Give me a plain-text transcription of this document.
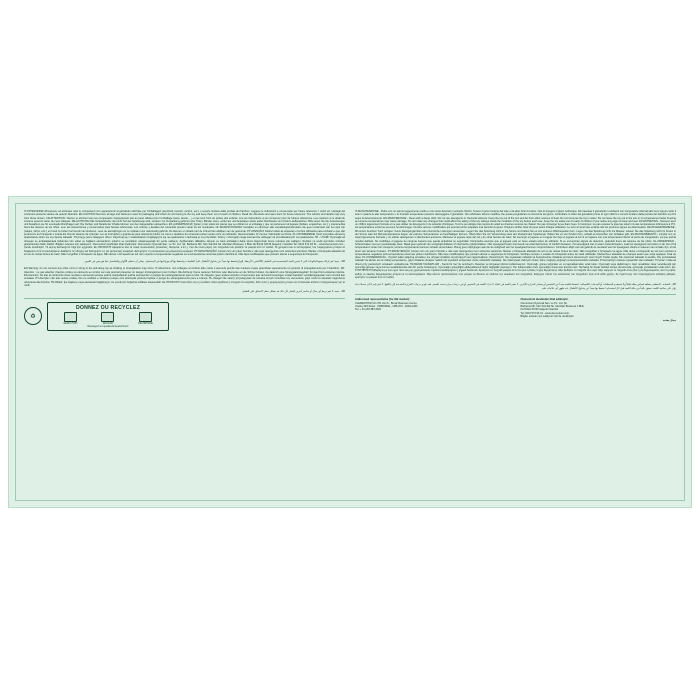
IT-ATTENZIONE! Rimuovere ed eliminare tutte le componenti non appartenenti al giocattolo utilizzate per l'imballaggio (sacchetti, laccetti, cartoni, ecc.) e tenerle lontane dalla portata dei bambini. Leggere le indicazioni e conservarle per futura referenza. I colori ed i dettagli del contenuto possono variare da quanto illustrato. EN-CAUTION! Remove all tags and fasteners used for packaging and which do not belong to the toy and keep them out of reach of children. Read the directions and save them for future reference. The colours and details may vary from those shown. FR-ATTENTION ! Retirer et éliminer tous les composants n'appartenant pas au jouet utilisés pour l'emballage (sacs, lacets, ...) et les tenir hors de portée des enfants. Lire les instructions et les conserver pour de futures références. Les couleurs et le détail du contenu peuvent varier de ceux indiqués. DE-ACHTUNG! Alle Verkaufshefte, die nicht Teil des Spielzeugs sind, sondern zur Verpackung gehören (wie Tüten, Bänder usw.), entfernen und beseitigen sowie außer Reichweite von Kindern aufbewahren. Bitte lesen Sie die Anweisungen und bewahren sie für eventuelle Rückfragen auf. Die Farben und Details der Inhalte können von den dargestellten abweichen. ES-¡ADVERTENCIA! Quitar y tirar todos los piezas que se utilizan en el embalaje y que no pertenecen al juguete (bolsas, enganches, etc.) y mantenerlas fuera del alcance de los niños. Leer las instrucciones y conservarlas para futuras referencias. Los colores y detalles del contenido pueden variar de los mostrados. NL-WAARSCHUWING! Verwijder en elimineer alle verpakkingsonderdelen die geen onderdeel van het spel zijn (zakjes, strips, enz.) en houd ze buiten het bereik van kinderen. Lees de aanwijzingen en ze opslaan voor toekomstig gebruik. De kleuren en details van de inhoud kan afwijken van de getoonde. PT-ATENÇÃO! Retirar todas as etiquetas e fechos utilizados para embalar e que não pertencem ao brinquedo e mantê-los fora do alcance da crianças. Ler as instruções e guarde-as para referência futura. As cores e detalhes do conteúdo podem variar entre os indicados. Recomendado: Fr-menus. Fabricado na China. PL-OSTRZEŻENIE! Usuń wszystkie elementy opakowania, które nie są częścią zabawki. Trzymaj je poza zasięgiem dzieci. Zapoznaj się z wskazówkami znajdującymi się na opakowaniu i zachowaj je na przyszłość. Kolory i szczegóły mogą nieznacznie odbiegać od przedstawionych na opakowaniu. TR - UYARI! Oyuncağa ait olmayan ve ambalajlamada kullanılan tüm etiket ve bağlantı elemanlarını çıkartın ve çocukların ulaşamayacağı bir yerde saklayın. Açıklamaları dikkatlice okuyun ve istek ambalajını daha sonra başvurmak üzere referans için saklayın. Renkler ve içerik ayrıntıları üründen gösterilenden farklı olabilir. Bilgileri referans için saklayınız. Clementoni tarafından ithal üretilmiştir. Clementoni Oyuncak San. ve Tic. Ltd. Şti. Barbaros Mh. Mor Sümbül Sk. Meridian Business 1 Blok No:5/144 34746 Ataşehir / İstanbul Tel: 0216 574 93 31 - www.clementoni.com - Çerde üretilmiştir. Yıl açmış herhangi bir bilgi için uygundur. EL-ΠΡΟΣΟΧΗ! Αφαιρέστε όλα τα υλικά συσκευασίας (σακούλες, δεσίματα, κ.λπ.), που δεν είναι μέρος του παιχνιδιού και φυλάξτε τα μακριά από τα παιδιά. Τα χρώματα και οι λεπτομέρειες του περιεχομένου μπορεί να διαφέρουν από τα εικονιζόμενα. Διαβάστε τις οδηγίες και διατηρήστε τις για μελλοντική αναφορά. Διατηρήστε τη συσκευασία για μελλοντική αναφορά. PT-MANUTENÇÃO! Limpar com um pano húmido e não usar detergentes nem solventes químicos. Manter o brinquedo afastado do sol ou de outras fontes de calor. Não mergulhar o brinquedo na água. Não deixar o brinquedo ao sol nem exposto à temperaturas negativas ou a temperaturas extremas podem danificá-lo. Não faça modificações que possam alterar a segurança do brinquedo.
AR - تنبيه! قم بإزالة جميع المكونات التي لا تنتمي للعبة المستخدمة في التغليف (الأكياس، الأربطة، إلخ) واحتفظ بها بعيداً عن متناول الأطفال. اقرأ التعليمات واحتفظ بها للرجوع إليها في المستقبل. يمكن أن تختلف الألوان والتفاصيل عما هو مبين في الصور.
EN Warning: do not connect any other cord or string to the pull-along toy as choking or strangulation may occur. IT-Attenzione: non collegare al cordino altre corde o elementi perché tale maniera creare potenziale superamento un pericolo di strangolamento per il bambino. FR-Attention : ne pas attacher d'autres cordes ou éléments au cordon car cela pourrait présenter un danger d'étranglement pour l'enfant. DE-Achtung: Keine weiteren Schnüre oder Elemente an die Schnur binden, da dadurch eine Strangulationsgefahr für das Kind entstehen könnte. ES-Atención: No atar al cordoncito otras cuerdas o elementos porque podría manipulación podría representar un peligro de estrangulamiento para el niño. NL-Opgelet: geen andere koorden of elementen aan de koord bevestigen omdat daardoor verstikkingsgevaar voor uw kind kan ontstaan. PT-Atenção: não atar outras cordas, fios ou cordões e similares porque otra obstrução poderia implicar o perigo de estrangulamento para a criança. PL-Uwaga! Nie należy przywiązywać do sznurka innych sznurków czy elementów, gdyż może to stanowić zagrożenie uduszenia dla dziecka. TR-Dikkat: İpe başka ip veya elemanlar bağlamayın, bu çocuk için boğulma tehlikesi oluşturabilir. EL-ΠΡΟΣΟΧΗ! Συνιστάται να μη συνδέετε άλλα κορδόνια ή στοιχεία στο κορδόνι, διότι αυτό η χειραγώγηση μπορεί να αποτελέσει κίνδυνο στραγγαλισμού για το παιδί.
AR - تنبيه: لا تقم بربط أي حبال أو عناصر أخرى بالحبل لأن ذلك قد يشكل خطر الاختناق على الطفل.
♻
DONNEZ OU RECYCLEZ
RÉDUCTION	MAGASIN	DÉCHETERIE
Réessayez sur quefairedemesdechets.fr
IT-MANUTENZIONE - Pulire con un panno leggermente umido e non usare detersivi o solventi chimici. Tenere il gioco lontano dal sole o da altre fonti di calore. Non immergere il gioco nell'acqua. Non lasciare il giocattolo in ambienti con temperature infernali alto zero oppure sotto il sole in quanto le alte temperature e le bruciare temperature possono danneggiare il giocattolo. Non effettuare alcuna modifica che possa pregiudicare la sicurezza del gioco. Controllare lo stato del giocattolo prima di ogni utilizzo e tenerlo lontano dalla portata dei bambini ai primi segni di deterioramento. EN-MAINTENANCE - Clean with a damp cloth. Do not use detergents or chemical solvents. Keep the toy out of the sun and far from other sources of heat. Do not immerse the toy in water. Do not leave the toy out in the sun or in temperatures below freezing as extreme temperatures may cause damage. Do not make any changes that could affect the safety of the toy. Always check the condition of the toy before each use. Keep the toy safely out of reach of children if you notice any signs of wear and tear. FR-ENTRETIEN - Nettoyer avec un chiffon légèrement humide et ne pas utiliser de détergents ni de solvants chimiques. Tenir le jeu éloigné des rayons du soleil ou d'autres sources de chaleur. Ne pas immerger le jeu dans l'eau. À l'extérieur, ne pas exposer le jouet au soleil ni à des températures inférieures à 0°C, les températures extrêmes peuvent l'endommager. Ne faire aucune modification qui pourrait porter préjudice à la sécurité du jouet. Toujours vérifier l'état du jouet avant chaque utilisation. Le tenir à l'écart des enfants dès les premiers signes de détérioration. DE-PFLEGEHINWEISE - Mit einem feuchten Tuch reinigen. Keine Reinigungsmittel oder chemische Lösungen verwenden. Legen Sie das Spielzeug nicht in die Sonne und halten Sie es von anderen Wärmequellen fern. Legen Sie das Spielzeug nicht ins Wasser. Lassen Sie das Spielzeug nicht im Freien in der Sonne oder bei Minustemperaturen liegen, da extreme Temperaturen es beschädigen können. Überprüfen Sie vor Verwendung stets den Zustand des Spielzeugs. Halten Sie es von Kindern fern, sobald es Anzeichen von Schäden gibt. ES-MANTENIMIENTO - Limpiar con un trapo ligeramente húmedo y no utilizar detergentes ni disolventes químicos. Mantener el juguete lejos del sol y de otras fuentes de calor. No sumergir el juguete en el agua. No deje el juguete al sol ni en lugares con una temperatura inferior al punto de congelación, ya que podría resultar dañado. No modifique el juguete de ninguna manera que pueda perjudicar su seguridad. Compruebe siempre que el juguete esté en buen estado antes de utilizarlo. Si se encuentran signos de deterioro, guárdelo fuera del alcance de los niños. NL-ONDERHOUD - Schoonmaken met een poetsdoekje doek. Maak geen gebruik van reinigingsmiddelen of chemische oplosmiddelen. Niet speelgoed buiten het bereik van warmtebronnen of zonlicht bewaren. Het speelgoed niet in water onderdompelen. Laat het speelgoed niet buiten in de zon of bij temperaturen onder het vriespunt; extreme temperaturen kunnen schade veroorzaken. Breng geen wijzigingen aan die de veiligheid van het speelgoed kunnen compromitteren. Controleer altijd voor elk gebruik de toestand van het speelgoed. Zodra er tekenen van schade zijn, uit de buurt van kinderen houden. PT-MANUTENÇÃO Limpar com um pano húmido e não usar detergentes nem solventes químicos. Manter o brinquedo afastado do sol ou de outras fontes de calor. Não mergulhar o brinquedo na água. Não deixe o brinquedo ao sol nem exposto à temperaturas negativas pois temperaturas extremas podem danificá-lo. Não faça modificações que possam alterar a segurança do brinquedo. Verifique sempre o estado do brinquedo antes de cada utilização. Mantenha-o afastado de crianças assim que surja qualquer sinal de dano. PL-KONSERWACJA - Czyścić lekko wilgotną szmatką i nie używać środków czyszczących ani najpoczątkiem chemicznych. Nie wystawiać zabawki na bezpośrednie działanie promieni słonecznych oraz innych źródeł ciepła. Nie zanurzać zabawki w wodzie. Nie pozostawiać zabawki na słońcu ani w niskiej temperaturze, gdyż działanie skrajnie niskich lub wysokich temperatur może uszkodzić zabawkę. Nie dokonywać żadnych zmian, które mogłyby wpłynąć na bezpieczeństwo zabawki. Przed każdym zawsze sprawdzić stan zabawki. Trzymać z dala od dzieci przy pierwszych oznakach uszkodzenia. TR-BAKIM TALİMATLARI - Nemli bir bez ile temizleyin. Deterjan ve kimyasal çözücü kullanmayınız. Oyuncağı, güneş ışığından ve ısı kaynaklarından uzak tutun. Oyuncağı suya daldırmayın. Aşırı sıcaklıklar zarar verebileceği için oyuncağı güneşe veya donma sıcaklıklarında olan bir yerde bırakmayın. Oyuncağın güvenliğini etkileyebilecek hiçbir değişiklik yapmayın. Her kullanımdan önce oyuncağın durumunu kontrol edin. Herhangi bir hasar belirtisi olması durumunda, oyuncağı çocuklardan uzak tutun. EL-ΣΥΝΤΗΡΗΣΗ Καθαρίζετε με ένα υγρό πανί και μην χρησιμοποιείτε προϊόντα καθαρισμού ή χημικά διαλυτικά. Κρατήστε το παιχνίδι μακριά από τον ήλιο ή άλλες πηγές θερμότητας. Μην βυθίζετε το παιχνίδι στο νερό. Μην αφήνετε το παιχνίδι στον ήλιο ή σε θερμοκρασίες υπό το μηδέν, καθώς οι ακραίες θερμοκρασίες μπορεί να το καταστρέψουν. Μην κάνετε τροποποιήσεις που μπορεί να θέσουν σε κίνδυνο την ασφάλεια του παιχνιδιού. Ελέγχετε πάντα την κατάσταση του παιχνιδιού πριν από κάθε χρήση. Σε περίπτωση που παρατηρήσετε ενδείξεις φθοράς, κρατήστε το μακριά από τα παιδιά.
AR - الصيانة - التنظيف بقطعة قماش مبللة قليلاً ولا تستخدم المنظفات أو المذيبات الكيميائية. احتفظ باللعبة بعيداً عن الشمس أو مصادر الحرارة الأخرى. لا تغمر اللعبة في الماء. لا تترك اللعبة في الشمس أو في درجات حرارة تحت الصفر، فقد تؤدي درجات الحرارة الشديدة إلى إتلافها. لا تقم بإجراء أي تعديلات قد تؤثر على سلامة اللعبة. تحقق دائماً من حالة اللعبة قبل كل استخدام. احتفظ بها بعيداً عن متناول الأطفال عند ظهور أي علامات تلف.
Authorised representative (for GB market):
CLEMENTONI UK LTD Unit 9 - Brook Business Centre
Cowley Mill Road - UXBRIDGE - UB8 2FX - ENGLAND
Tel: + 44 203 383 2020
Clementoni tarafından ithal edilmiştir.
Clementoni Oyuncak San. ve Tic. Ltd. Şti.
Barbaros Mh. Mor Sümbül Sk. Meridian Business 1 Blok
No:5/144 34746 Ataşehir İstanbul
Tel: 0216 574 93 31 - www.clementoni.com
Bilgiler erkisanı için sakliyınız Çin'de üretilmiştir.
ممثل معتمد
